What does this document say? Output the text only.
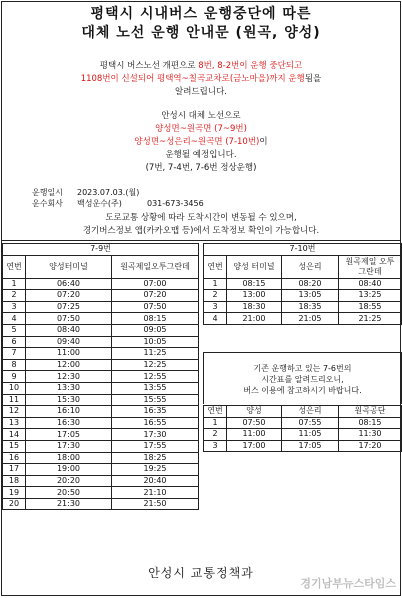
평택시 시내버스 운행중단에 따른
대체 노선 운행 안내문 (원곡, 양성)
평택시 버스노선 개편으로 8번, 8-2번이 운행 중단되고
1108번이 신설되어 평택역~칠곡교차로(금노마을)까지 운행됨을
알려드립니다.
안성시 대체 노선으로
양성면~원곡면 (7~9번)
양성면~성은리~원곡면 (7-10번)이
운행될 예정입니다.
(7번, 7-4번, 7-6번 정상운행)
운행일시 2023.07.03.(월)
운수회사 백성운수(주)	031-673-3456
도로교통 상황에 따라 도착시간이 변동될 수 있으며,
경기버스정보 앱(카카오맵 등)에서 도착정보 확인이 가능합니다.
7-9번		
연번	양성터미널	원곡제일오투그란데
1	06:40	07:00
2	07:20	07:20
3	07:25	07:50
4	07:50	08:15
5	08:40	09:05
6	09:40	10:05
7	11:00	11:25
8	12:00	12:25
9	12:30	12:55
10	13:30	13:55
11	15:30	15:55
12	16:10	16:35
13	16:30	16:55
14	17:05	17:30
15	17:30	17:55
16	18:00	18:25
17	19:00	19:25
18	20:20	20:40
19	20:50	21:10
20	21:30	21:50
7-10번			
연번	양성 터미널	성은리	원곡제일 오투그란데
1	08:15	08:20	08:40
2	13:00	13:05	13:25
3	18:30	18:35	18:55
4	21:00	21:05	21:25
기존 운행하고 있는 7-6번의
시간표를 알려드리오니,
버스 이용에 참고하시기 바랍니다.
연번	양성	성은리	원곡공단
1	07:50	07:55	08:15
2	11:00	11:05	11:30
3	17:00	17:05	17:20
안성시 교통정책과
경기남부뉴스타임스
